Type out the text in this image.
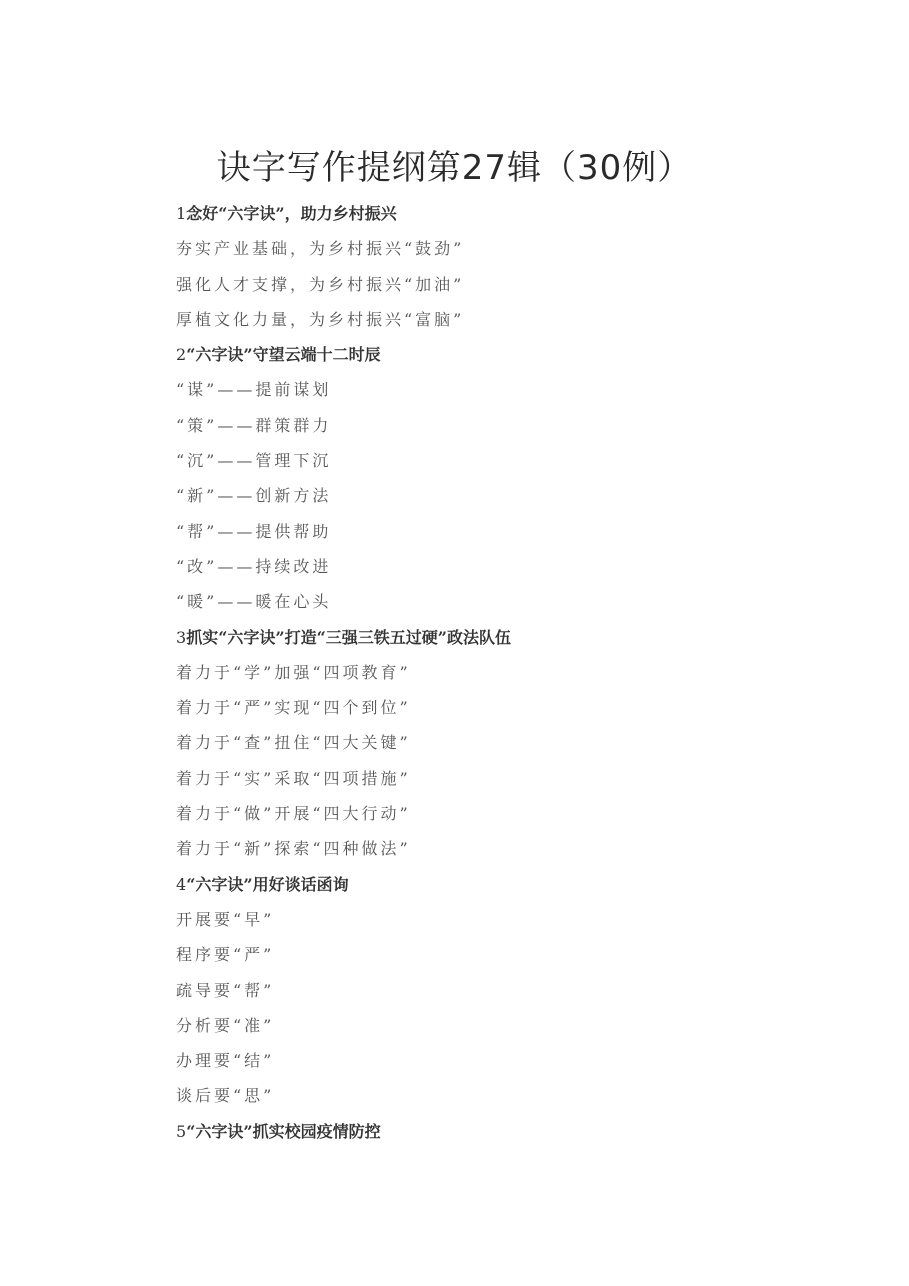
诀字写作提纲第27辑（30例）
1念好“六字诀”，助力乡村振兴
夯实产业基础，为乡村振兴“鼓劲”
强化人才支撑，为乡村振兴“加油”
厚植文化力量，为乡村振兴“富脑”
2“六字诀”守望云端十二时辰
“谋”——提前谋划
“策”——群策群力
“沉”——管理下沉
“新”——创新方法
“帮”——提供帮助
“改”——持续改进
“暖”——暖在心头
3抓实“六字诀”打造“三强三铁五过硬”政法队伍
着力于“学”加强“四项教育”
着力于“严”实现“四个到位”
着力于“查”扭住“四大关键”
着力于“实”采取“四项措施”
着力于“做”开展“四大行动”
着力于“新”探索“四种做法”
4“六字诀”用好谈话函询
开展要“早”
程序要“严”
疏导要“帮”
分析要“准”
办理要“结”
谈后要“思”
5“六字诀”抓实校园疫情防控
